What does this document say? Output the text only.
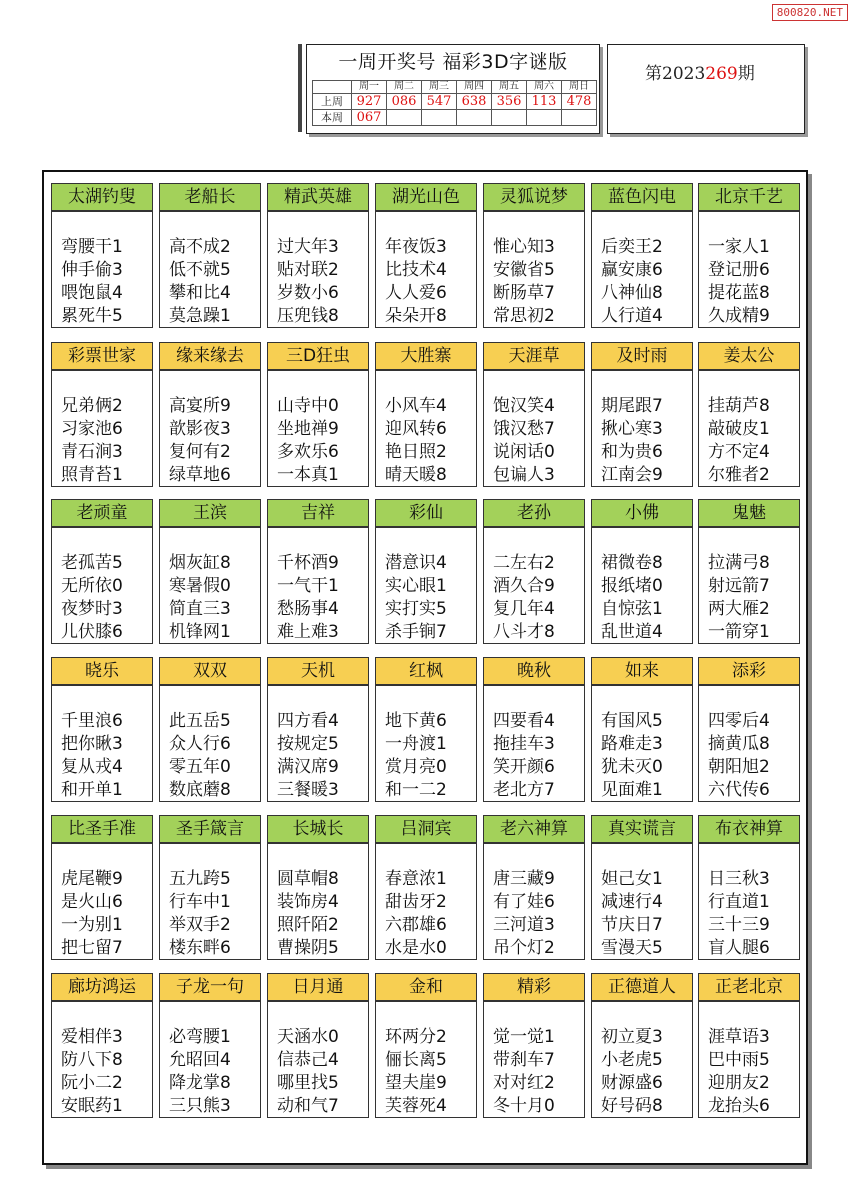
800820.NET
一周开奖号 福彩3D字谜版
	周一	周二	周三	周四	周五	周六	周日
上周	927	086	547	638	356	113	478
本周	067						
第2023269期
太湖钓叟
弯腰干1
伸手偷3
喂饱鼠4
累死牛5
老船长
高不成2
低不就5
攀和比4
莫急躁1
精武英雄
过大年3
贴对联2
岁数小6
压兜钱8
湖光山色
年夜饭3
比技术4
人人爱6
朵朵开8
灵狐说梦
惟心知3
安徽省5
断肠草7
常思初2
蓝色闪电
后奕王2
赢安康6
八神仙8
人行道4
北京千艺
一家人1
登记册6
提花蓝8
久成精9
彩票世家
兄弟俩2
习家池6
青石涧3
照青苔1
缘来缘去
高宴所9
歆影夜3
复何有2
绿草地6
三D狂虫
山寺中0
坐地禅9
多欢乐6
一本真1
大胜寨
小风车4
迎风转6
艳日照2
晴天暖8
天涯草
饱汉笑4
饿汉愁7
说闲话0
包谝人3
及时雨
期尾跟7
揪心寒3
和为贵6
江南会9
姜太公
挂葫芦8
敲破皮1
方不定4
尔雅者2
老顽童
老孤苦5
无所依0
夜梦时3
儿伏膝6
王滨
烟灰缸8
寒暑假0
简直三3
机锋网1
吉祥
千杯酒9
一气干1
愁肠事4
难上难3
彩仙
潜意识4
实心眼1
实打实5
杀手锏7
老孙
二左右2
酒久合9
复几年4
八斗才8
小佛
裙微卷8
报纸堵0
自惊弦1
乱世道4
鬼魅
拉满弓8
射远箭7
两大雁2
一箭穿1
晓乐
千里浪6
把你瞅3
复从戎4
和开单1
双双
此五岳5
众人行6
零五年0
数底蘑8
天机
四方看4
按规定5
满汉席9
三餐暖3
红枫
地下黄6
一舟渡1
赏月亮0
和一二2
晚秋
四要看4
拖挂车3
笑开颜6
老北方7
如来
有国风5
路难走3
犹未灭0
见面难1
添彩
四零后4
摘黄瓜8
朝阳旭2
六代传6
比圣手准
虎尾鞭9
是火山6
一为别1
把七留7
圣手箴言
五九跨5
行车中1
举双手2
楼东畔6
长城长
圆草帽8
装饰房4
照阡陌2
曹操阴5
吕洞宾
春意浓1
甜齿牙2
六郡雄6
水是水0
老六神算
唐三藏9
有了娃6
三河道3
吊个灯2
真实谎言
妲己女1
减速行4
节庆日7
雪漫天5
布衣神算
日三秋3
行直道1
三十三9
盲人腿6
廊坊鸿运
爱相伴3
防八下8
阮小二2
安眠药1
子龙一句
必弯腰1
允昭回4
降龙掌8
三只熊3
日月通
天涵水0
信恭己4
哪里找5
动和气7
金和
环两分2
俪长离5
望夫崖9
芙蓉死4
精彩
觉一觉1
带刹车7
对对红2
冬十月0
正德道人
初立夏3
小老虎5
财源盛6
好号码8
正老北京
涯草语3
巴中雨5
迎朋友2
龙抬头6
